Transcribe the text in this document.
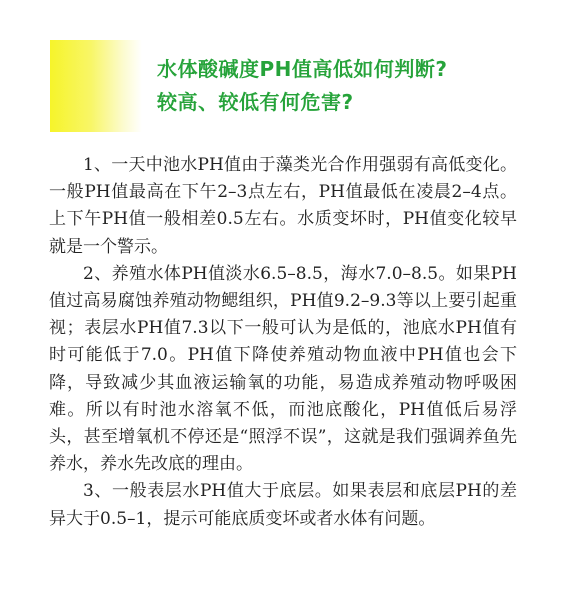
水体酸碱度PH值高低如何判断?
较高、较低有何危害?

1、一天中池水PH值由于藻类光合作用强弱有高低变化。一般PH值最高在下午2–3点左右，PH值最低在凌晨2–4点。上下午PH值一般相差0.5左右。水质变坏时，PH值变化较早就是一个警示。

2、养殖水体PH值淡水6.5–8.5，海水7.0–8.5。如果PH值过高易腐蚀养殖动物鳃组织，PH值9.2–9.3等以上要引起重视；表层水PH值7.3以下一般可认为是低的，池底水PH值有时可能低于7.0。PH值下降使养殖动物血液中PH值也会下降，导致减少其血液运输氧的功能，易造成养殖动物呼吸困难。所以有时池水溶氧不低，而池底酸化，PH值低后易浮头，甚至增氧机不停还是“照浮不误”，这就是我们强调养鱼先养水，养水先改底的理由。

3、一般表层水PH值大于底层。如果表层和底层PH的差异大于0.5–1，提示可能底质变坏或者水体有问题。
